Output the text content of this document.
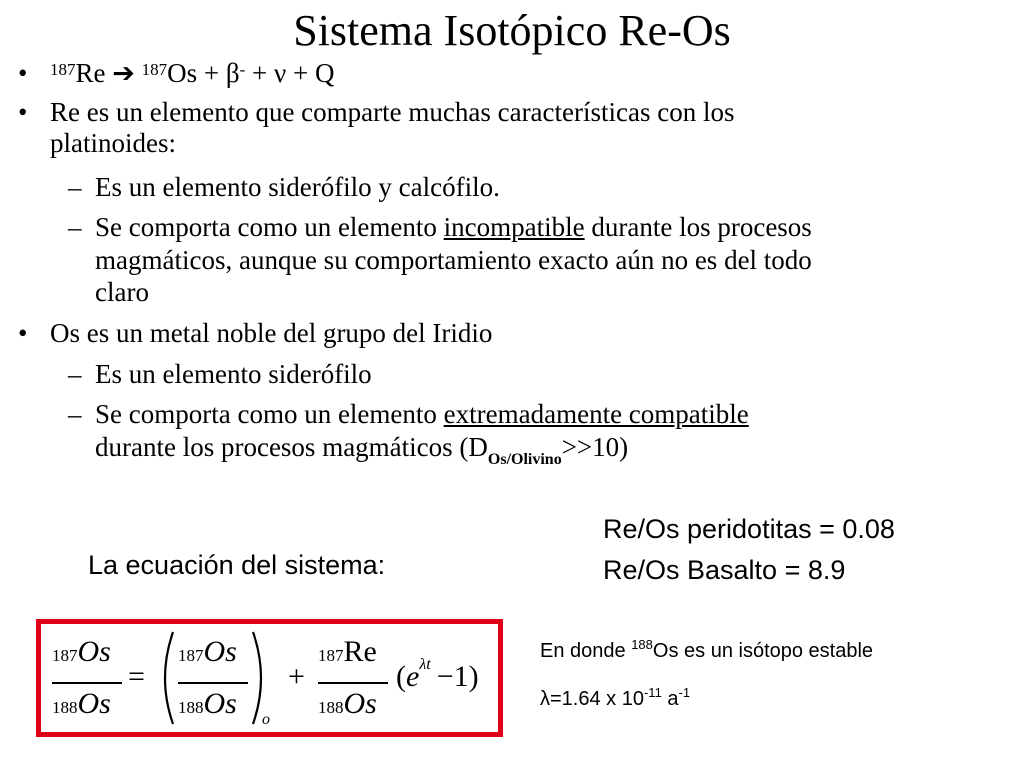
Sistema Isotópico Re-Os
• $^{187}$Re ➔ $^{187}$Os + β- + ν + Q
• Re es un elemento que comparte muchas características con los
platinoides:
– Es un elemento siderófilo y calcófilo.
– Se comporta como un elemento incompatible durante los procesos
magmáticos, aunque su comportamiento exacto aún no es del todo
claro
• Os es un metal noble del grupo del Iridio
– Es un elemento siderófilo
– Se comporta como un elemento extremadamente compatible
durante los procesos magmáticos $(D_{Os/Olivino}>>10)$
Re/Os peridotitas = 0.08
Re/Os Basalto = 8.9
La ecuación del sistema:
187Os
188Os
=
187Os
188Os o
+
187Re
188Os
$(e^{\lambda t} -1)$
En donde $^{188}$Os es un isótopo estable
λ=1.64 x $10^{-11}$ $a^{-1}$
